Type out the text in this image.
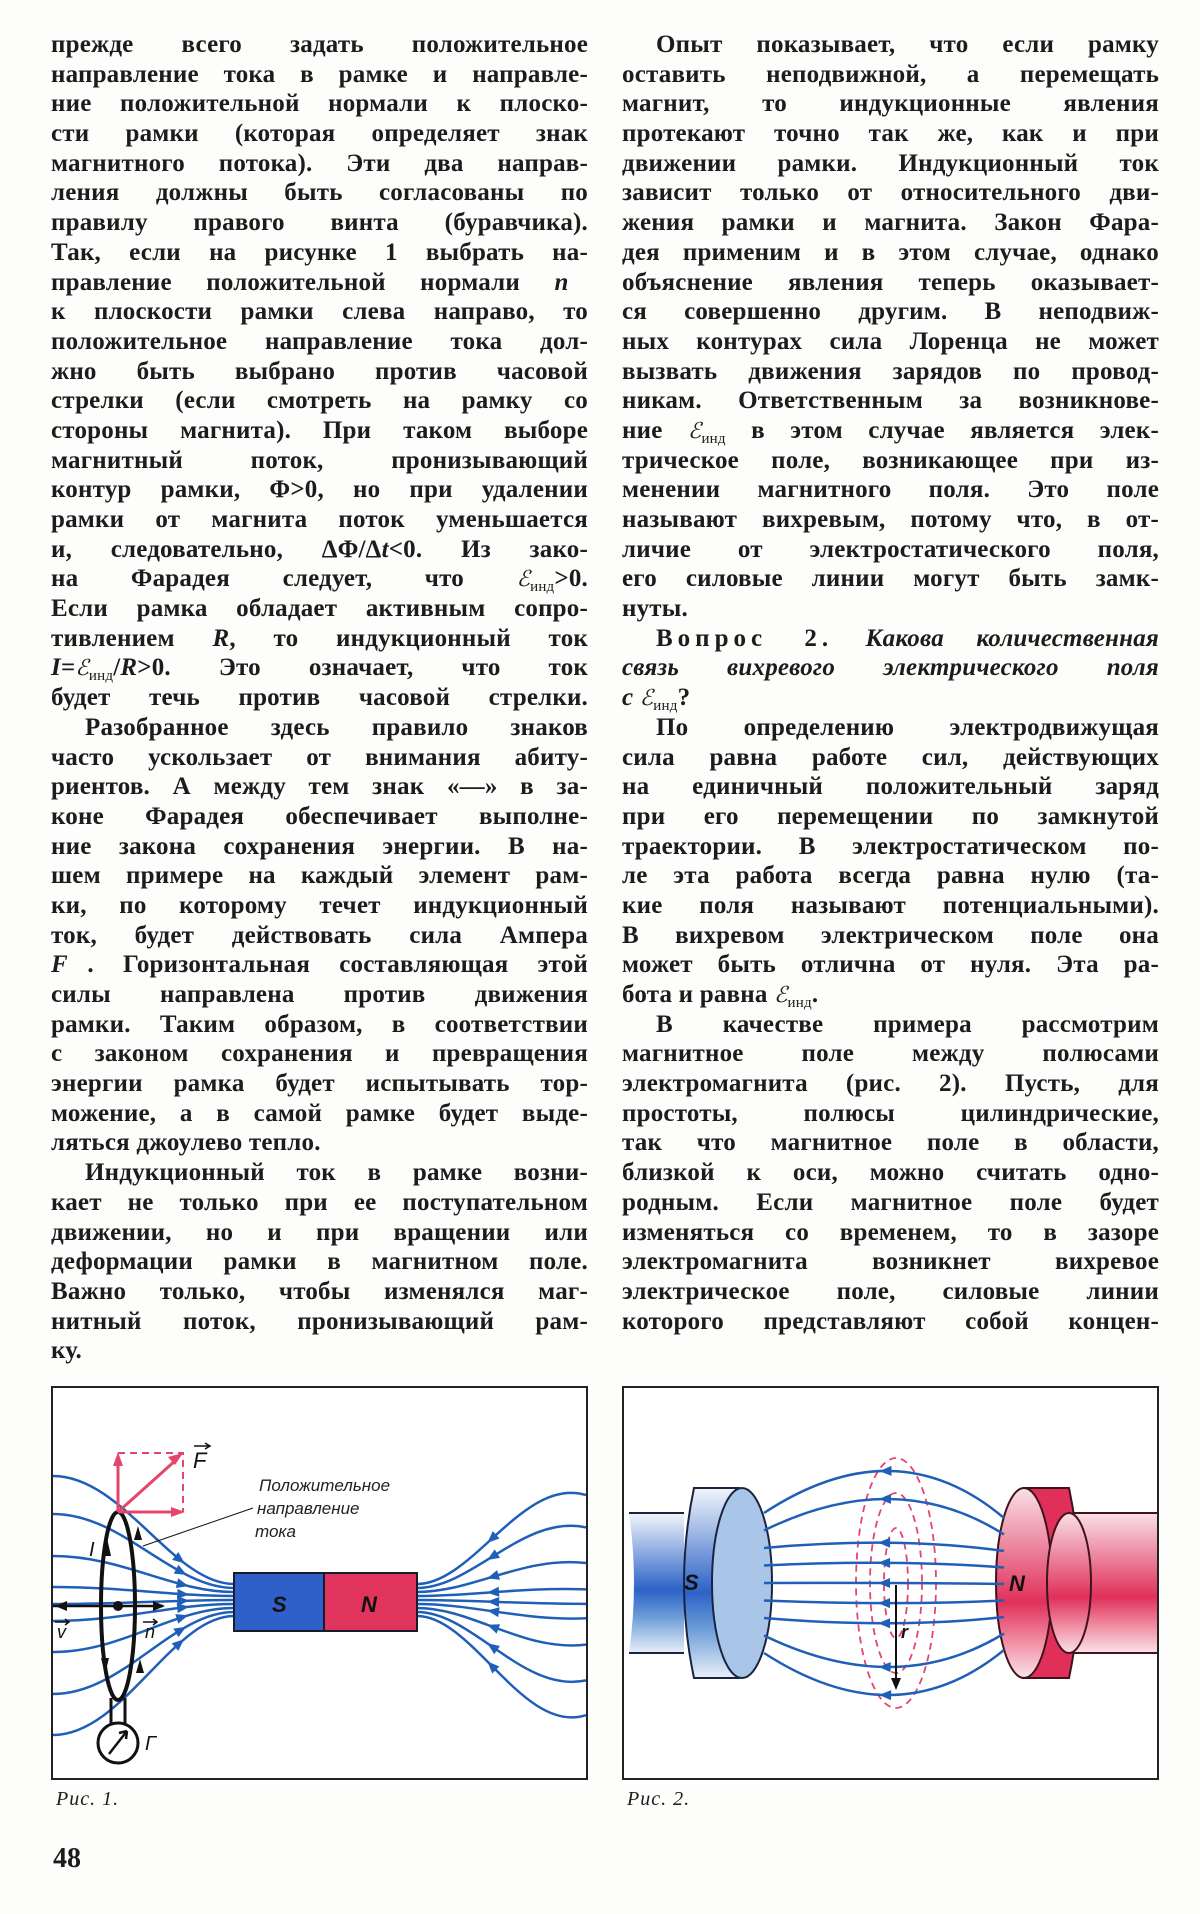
прежде всего задать положительное
направление тока в рамке и направле-
ние положительной нормали к плоско-
сти рамки (которая определяет знак
магнитного потока). Эти два направ-
ления должны быть согласованы по
правилу правого винта (буравчика).
Так, если на рисунке 1 выбрать на-
правление положительной нормали n⃗
к плоскости рамки слева направо, то
положительное направление тока дол-
жно быть выбрано против часовой
стрелки (если смотреть на рамку со
стороны магнита). При таком выборе
магнитный поток, пронизывающий
контур рамки, Φ>0, но при удалении
рамки от магнита поток уменьшается
и, следовательно, ΔΦ/Δt<0. Из зако-
на Фарадея следует, что ℰ$_{инд}$>0.
Если рамка обладает активным сопро-
тивлением R, то индукционный ток
I=ℰ$_{инд}$/R>0. Это означает, что ток
будет течь против часовой стрелки.
Разобранное здесь правило знаков
часто ускользает от внимания абиту-
риентов. А между тем знак «—» в за-
коне Фарадея обеспечивает выполне-
ние закона сохранения энергии. В на-
шем примере на каждый элемент рам-
ки, по которому течет индукционный
ток, будет действовать сила Ампера
F⃗. Горизонтальная составляющая этой
силы направлена против движения
рамки. Таким образом, в соответствии
с законом сохранения и превращения
энергии рамка будет испытывать тор-
можение, а в самой рамке будет выде-
ляться джоулево тепло.
Индукционный ток в рамке возни-
кает не только при ее поступательном
движении, но и при вращении или
деформации рамки в магнитном поле.
Важно только, чтобы изменялся маг-
нитный поток, пронизывающий рам-
ку.
Опыт показывает, что если рамку
оставить неподвижной, а перемещать
магнит, то индукционные явления
протекают точно так же, как и при
движении рамки. Индукционный ток
зависит только от относительного дви-
жения рамки и магнита. Закон Фара-
дея применим и в этом случае, однако
объяснение явления теперь оказывает-
ся совершенно другим. В неподвиж-
ных контурах сила Лоренца не может
вызвать движения зарядов по провод-
никам. Ответственным за возникнове-
ние ℰ$_{инд}$ в этом случае является элек-
трическое поле, возникающее при из-
менении магнитного поля. Это поле
называют вихревым, потому что, в от-
личие от электростатического поля,
его силовые линии могут быть замк-
нуты.
Вопрос 2. Какова количественная
связь вихревого электрического поля
с ℰ$_{инд}$?
По определению электродвижущая
сила равна работе сил, действующих
на единичный положительный заряд
при его перемещении по замкнутой
траектории. В электростатическом по-
ле эта работа всегда равна нулю (та-
кие поля называют потенциальными).
В вихревом электрическом поле она
может быть отлична от нуля. Эта ра-
бота и равна ℰ$_{инд}$.
В качестве примера рассмотрим
магнитное поле между полюсами
электромагнита (рис. 2). Пусть, для
простоты, полюсы цилиндрические,
так что магнитное поле в области,
близкой к оси, можно считать одно-
родным. Если магнитное поле будет
изменяться со временем, то в зазоре
электромагнита возникнет вихревое
электрическое поле, силовые линии
которого представляют собой концен-
S	N
Г
v	n
I
F
Положительное
направление
тока
Рис. 1.
S	N
r
Рис. 2.
48
